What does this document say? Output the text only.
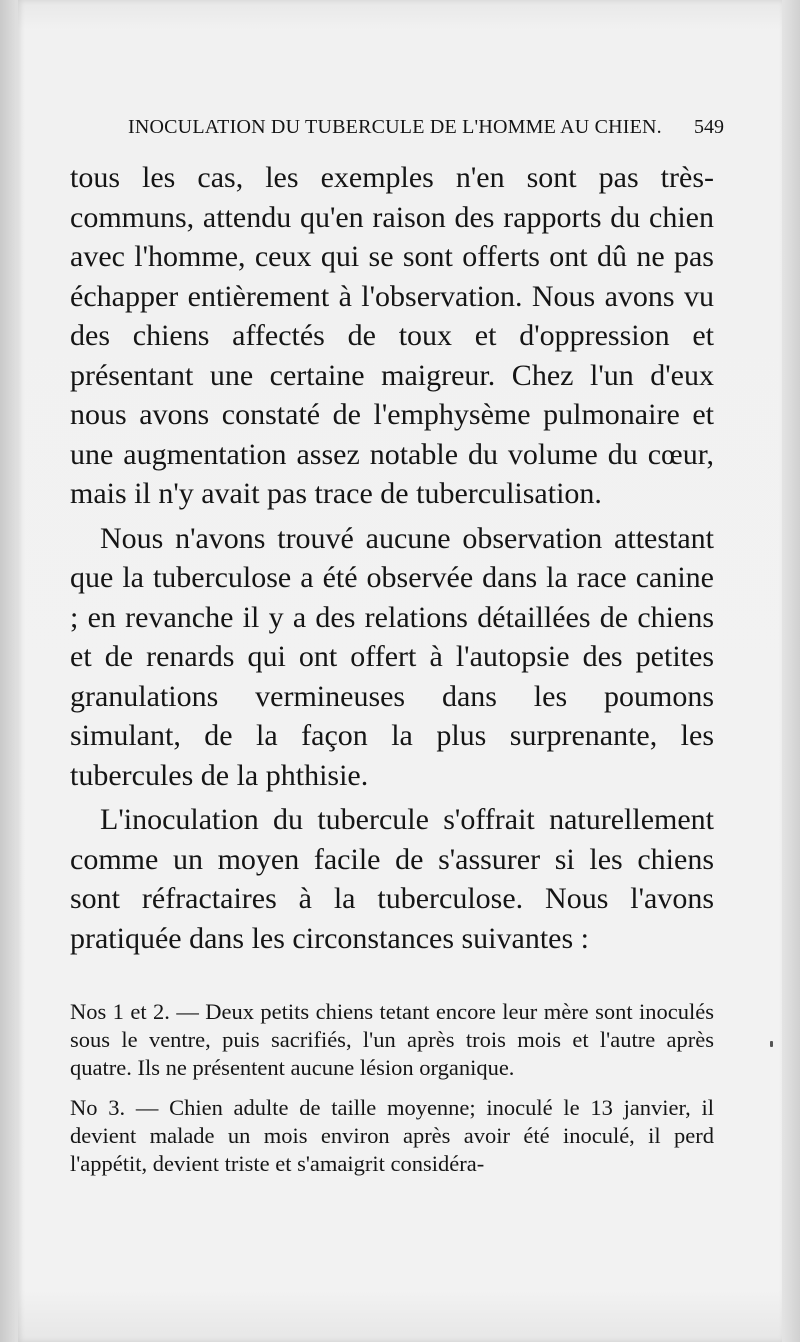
INOCULATION DU TUBERCULE DE L'HOMME AU CHIEN. 549

tous les cas, les exemples n'en sont pas très-communs, attendu qu'en raison des rapports du chien avec l'homme, ceux qui se sont offerts ont dû ne pas échapper entièrement à l'observation. Nous avons vu des chiens affectés de toux et d'oppression et présentant une certaine maigreur. Chez l'un d'eux nous avons constaté de l'emphysème pulmonaire et une augmentation assez notable du volume du cœur, mais il n'y avait pas trace de tuberculisation.

Nous n'avons trouvé aucune observation attestant que la tuberculose a été observée dans la race canine ; en revanche il y a des relations détaillées de chiens et de renards qui ont offert à l'autopsie des petites granulations vermineuses dans les poumons simulant, de la façon la plus surprenante, les tubercules de la phthisie.

L'inoculation du tubercule s'offrait naturellement comme un moyen facile de s'assurer si les chiens sont réfractaires à la tuberculose. Nous l'avons pratiquée dans les circonstances suivantes :

Nos 1 et 2. — Deux petits chiens tetant encore leur mère sont inoculés sous le ventre, puis sacrifiés, l'un après trois mois et l'autre après quatre. Ils ne présentent aucune lésion organique.

No 3. — Chien adulte de taille moyenne; inoculé le 13 janvier, il devient malade un mois environ après avoir été inoculé, il perd l'appétit, devient triste et s'amaigrit considéra-
